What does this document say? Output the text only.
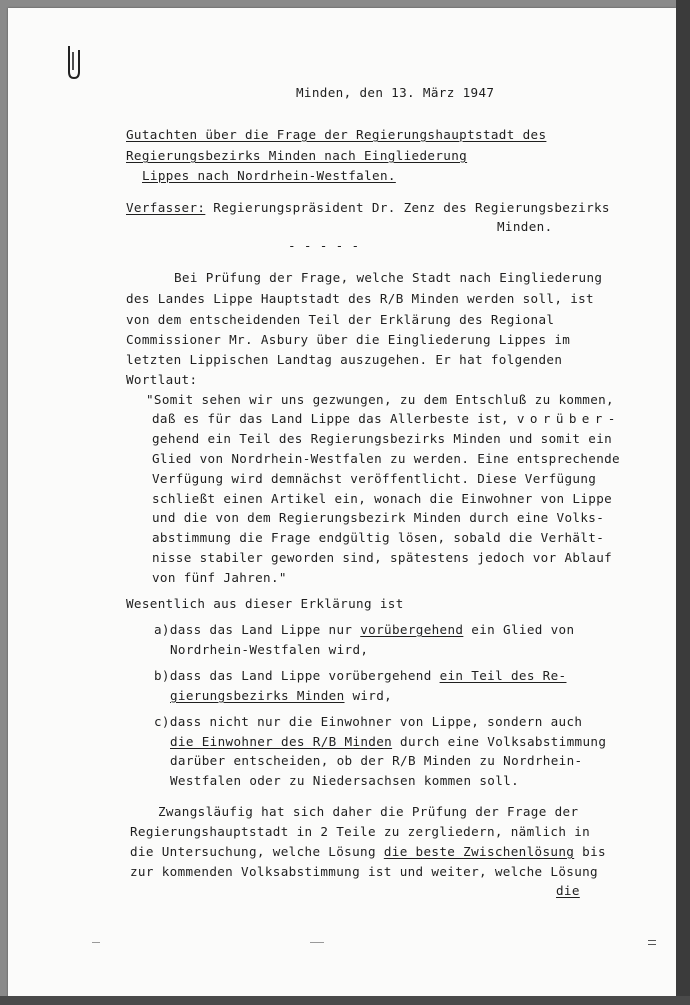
Minden, den 13. März 1947
Gutachten über die Frage der Regierungshauptstadt des
Regierungsbezirks Minden nach Eingliederung
Lippes nach Nordrhein-Westfalen.
Verfasser: Regierungspräsident Dr. Zenz des Regierungsbezirks
Minden.
- - - - -
Bei Prüfung der Frage, welche Stadt nach Eingliederung
des Landes Lippe Hauptstadt des R/B Minden werden soll, ist
von dem entscheidenden Teil der Erklärung des Regional
Commissioner Mr. Asbury über die Eingliederung Lippes im
letzten Lippischen Landtag auszugehen. Er hat folgenden
Wortlaut:
"Somit sehen wir uns gezwungen, zu dem Entschluß zu kommen,
daß es für das Land Lippe das Allerbeste ist, vorüber-
gehend ein Teil des Regierungsbezirks Minden und somit ein
Glied von Nordrhein-Westfalen zu werden. Eine entsprechende
Verfügung wird demnächst veröffentlicht. Diese Verfügung
schließt einen Artikel ein, wonach die Einwohner von Lippe
und die von dem Regierungsbezirk Minden durch eine Volks-
abstimmung die Frage endgültig lösen, sobald die Verhält-
nisse stabiler geworden sind, spätestens jedoch vor Ablauf
von fünf Jahren."
Wesentlich aus dieser Erklärung ist
a)dass das Land Lippe nur vorübergehend ein Glied von
Nordrhein-Westfalen wird,
b)dass das Land Lippe vorübergehend ein Teil des Re-
gierungsbezirks Minden wird,
c)dass nicht nur die Einwohner von Lippe, sondern auch
die Einwohner des R/B Minden durch eine Volksabstimmung
darüber entscheiden, ob der R/B Minden zu Nordrhein-
Westfalen oder zu Niedersachsen kommen soll.
Zwangsläufig hat sich daher die Prüfung der Frage der
Regierungshauptstadt in 2 Teile zu zergliedern, nämlich in
die Untersuchung, welche Lösung die beste Zwischenlösung bis
zur kommenden Volksabstimmung ist und weiter, welche Lösung
die
